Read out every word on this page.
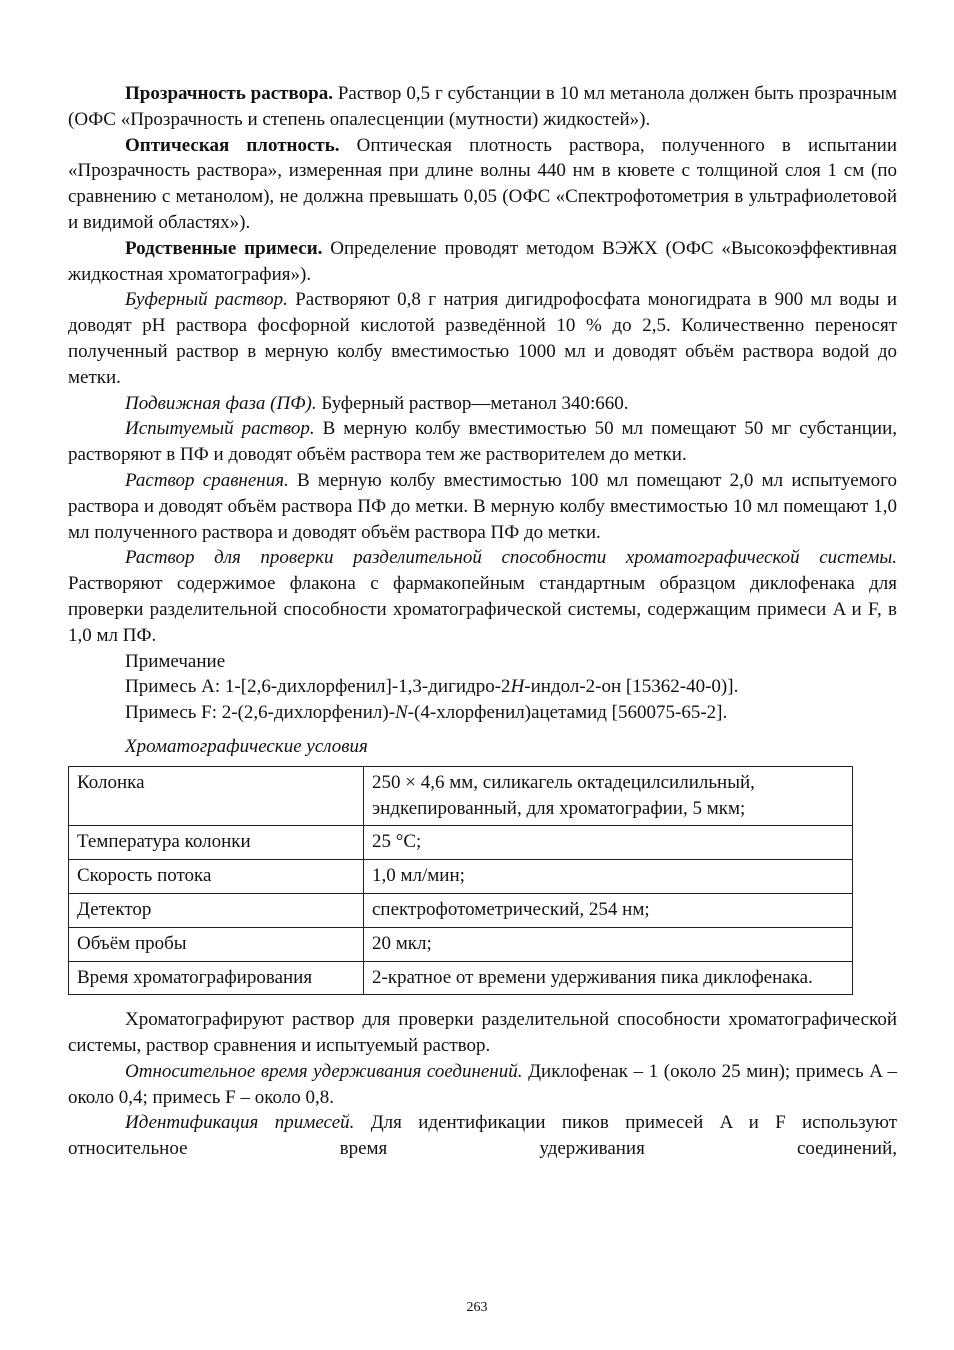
Прозрачность раствора. Раствор 0,5 г субстанции в 10 мл метанола должен быть прозрачным (ОФС «Прозрачность и степень опалесценции (мутности) жидкостей»).

Оптическая плотность. Оптическая плотность раствора, полученного в испытании «Прозрачность раствора», измеренная при длине волны 440 нм в кювете с толщиной слоя 1 см (по сравнению с метанолом), не должна превышать 0,05 (ОФС «Спектрофотометрия в ультрафиолетовой и видимой областях»).

Родственные примеси. Определение проводят методом ВЭЖХ (ОФС «Высокоэффективная жидкостная хроматография»).

Буферный раствор. Растворяют 0,8 г натрия дигидрофосфата моногидрата в 900 мл воды и доводят pH раствора фосфорной кислотой разведённой 10 % до 2,5. Количественно переносят полученный раствор в мерную колбу вместимостью 1000 мл и доводят объём раствора водой до метки.

Подвижная фаза (ПФ). Буферный раствор—метанол 340:660.

Испытуемый раствор. В мерную колбу вместимостью 50 мл помещают 50 мг субстанции, растворяют в ПФ и доводят объём раствора тем же растворителем до метки.

Раствор сравнения. В мерную колбу вместимостью 100 мл помещают 2,0 мл испытуемого раствора и доводят объём раствора ПФ до метки. В мерную колбу вместимостью 10 мл помещают 1,0 мл полученного раствора и доводят объём раствора ПФ до метки.

Раствор для проверки разделительной способности хроматографической системы. Растворяют содержимое флакона с фармакопейным стандартным образцом диклофенака для проверки разделительной способности хроматографической системы, содержащим примеси A и F, в 1,0 мл ПФ.

Примечание

Примесь A: 1-[2,6-дихлорфенил]-1,3-дигидро-2H-индол-2-он [15362-40-0)].

Примесь F: 2-(2,6-дихлорфенил)-N-(4-хлорфенил)ацетамид [560075-65-2].

Хроматографические условия

Колонка	250 × 4,6 мм, силикагель октадецилсилильный, эндкепированный, для хроматографии, 5 мкм;
Температура колонки	25 °С;
Скорость потока	1,0 мл/мин;
Детектор	спектрофотометрический, 254 нм;
Объём пробы	20 мкл;
Время хроматографирования	2-кратное от времени удерживания пика диклофенака.

Хроматографируют раствор для проверки разделительной способности хроматографической системы, раствор сравнения и испытуемый раствор.

Относительное время удерживания соединений. Диклофенак – 1 (около 25 мин); примесь A – около 0,4; примесь F – около 0,8.

Идентификация примесей. Для идентификации пиков примесей A и F используют относительное время удерживания соединений,

263
